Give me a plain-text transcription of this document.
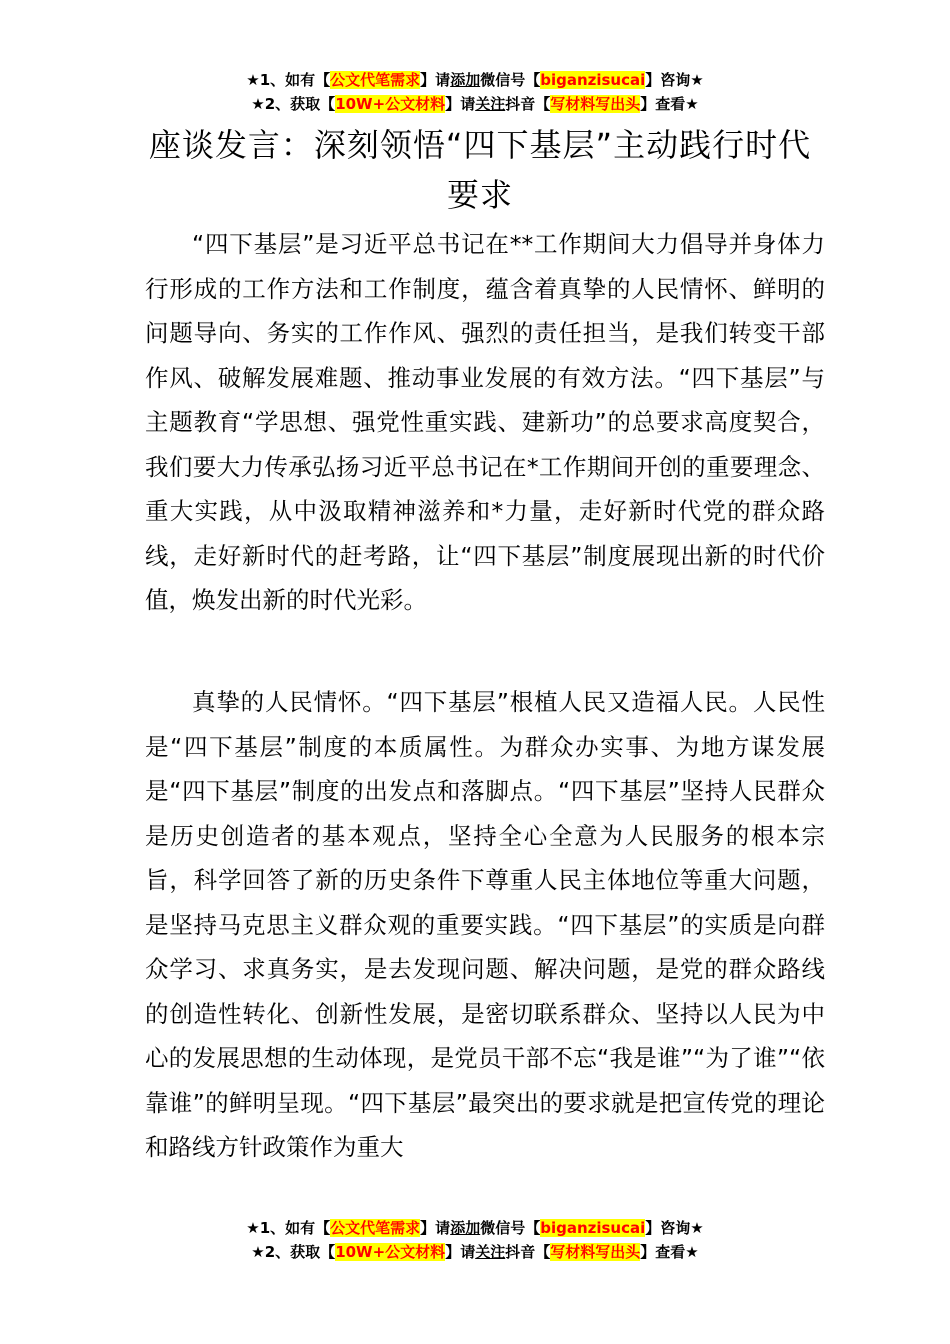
★1、如有【公文代笔需求】请添加微信号【biganzisucai】咨询★
★2、获取【10W+公文材料】请关注抖音【写材料写出头】查看★
座谈发言：深刻领悟“四下基层”主动践行时代要求

“四下基层”是习近平总书记在**工作期间大力倡导并身体力行形成的工作方法和工作制度，蕴含着真挚的人民情怀、鲜明的问题导向、务实的工作作风、强烈的责任担当，是我们转变干部作风、破解发展难题、推动事业发展的有效方法。“四下基层”与主题教育“学思想、强党性重实践、建新功”的总要求高度契合，我们要大力传承弘扬习近平总书记在*工作期间开创的重要理念、重大实践，从中汲取精神滋养和*力量，走好新时代党的群众路线，走好新时代的赶考路，让“四下基层”制度展现出新的时代价值，焕发出新的时代光彩。

真挚的人民情怀。“四下基层”根植人民又造福人民。人民性是“四下基层”制度的本质属性。为群众办实事、为地方谋发展是“四下基层”制度的出发点和落脚点。“四下基层”坚持人民群众是历史创造者的基本观点，坚持全心全意为人民服务的根本宗旨，科学回答了新的历史条件下尊重人民主体地位等重大问题，是坚持马克思主义群众观的重要实践。“四下基层”的实质是向群众学习、求真务实，是去发现问题、解决问题，是党的群众路线的创造性转化、创新性发展，是密切联系群众、坚持以人民为中心的发展思想的生动体现，是党员干部不忘“我是谁”“为了谁”“依靠谁”的鲜明呈现。“四下基层”最突出的要求就是把宣传党的理论和路线方针政策作为重大

★1、如有【公文代笔需求】请添加微信号【biganzisucai】咨询★
★2、获取【10W+公文材料】请关注抖音【写材料写出头】查看★
